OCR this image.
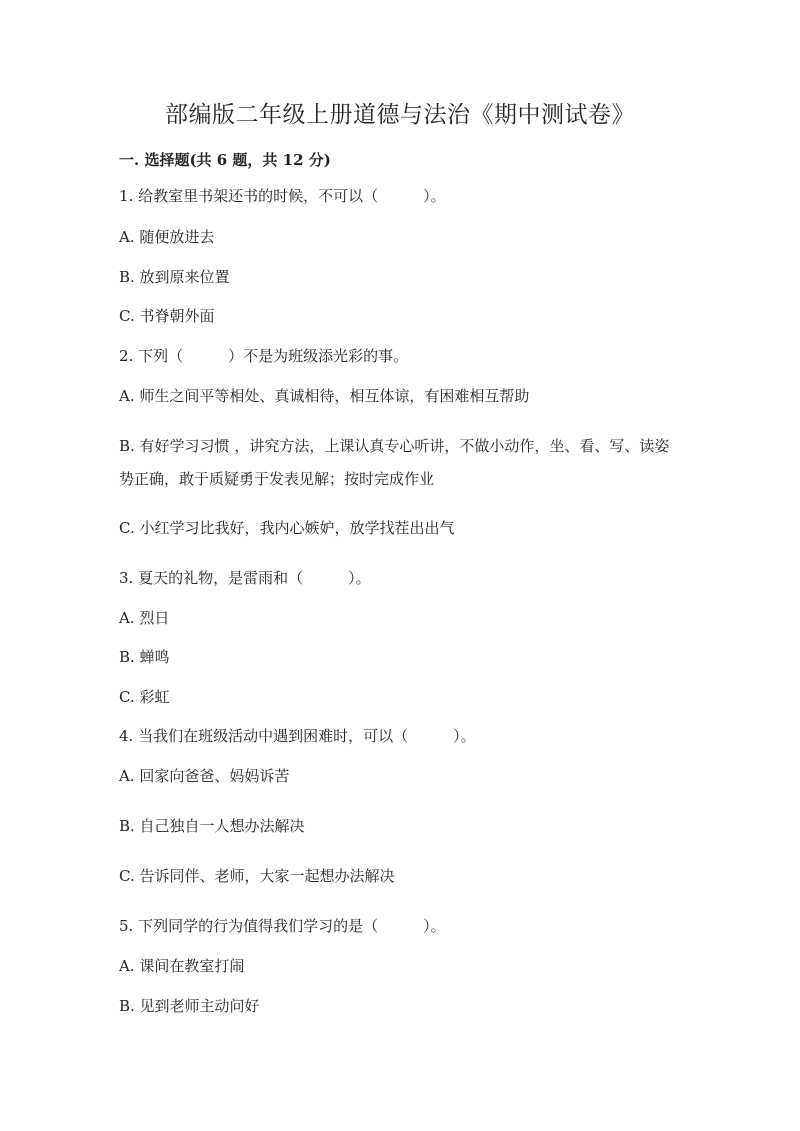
部编版二年级上册道德与法治《期中测试卷》
一. 选择题(共 6 题，共 12 分)
1. 给教室里书架还书的时候，不可以（　　　）。
A. 随便放进去
B. 放到原来位置
C. 书脊朝外面
2. 下列（　　　）不是为班级添光彩的事。
A. 师生之间平等相处、真诚相待，相互体谅，有困难相互帮助
B. 有好学习习惯 ，讲究方法，上课认真专心听讲，不做小动作，坐、看、写、读姿势正确，敢于质疑勇于发表见解；按时完成作业
C. 小红学习比我好，我内心嫉妒，放学找茬出出气
3. 夏天的礼物，是雷雨和（　　　）。
A. 烈日
B. 蝉鸣
C. 彩虹
4. 当我们在班级活动中遇到困难时，可以（　　　）。
A. 回家向爸爸、妈妈诉苦
B. 自己独自一人想办法解决
C. 告诉同伴、老师，大家一起想办法解决
5. 下列同学的行为值得我们学习的是（　　　）。
A. 课间在教室打闹
B. 见到老师主动问好
